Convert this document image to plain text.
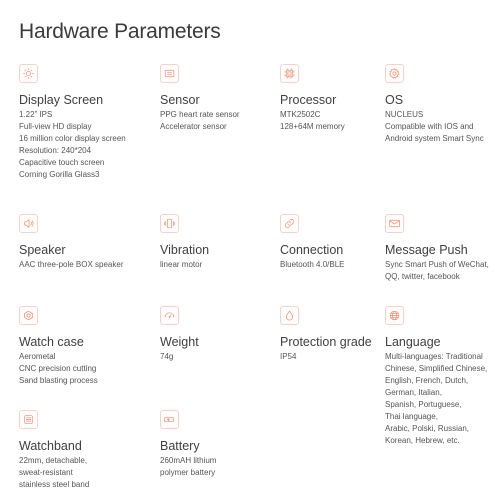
Hardware Parameters
Display Screen
1.22” IPS
Full-view HD display
16 million color display screen
Resolution: 240*204
Capacitive touch screen
Corning Gorilla Glass3
Sensor
PPG heart rate sensor
Accelerator sensor
Processor
MTK2502C
128+64M memory
OS
NUCLEUS
Compatible with IOS and
Android system Smart Sync
Speaker
AAC three-pole BOX speaker
Vibration
linear motor
Connection
Bluetooth 4.0/BLE
Message Push
Sync Smart Push of WeChat,
QQ, twitter, facebook
Watch case
Aerometal
CNC precision cutting
Sand blasting process
Weight
74g
Protection grade
IP54
Language
Multi-languages: Traditional
Chinese, Simplified Chinese,
English, French, Dutch,
German, Italian,
Spanish, Portuguese,
Thai language,
Arabic, Polski, Russian,
Korean, Hebrew, etc.
Watchband
22mm, detachable,
sweat-resistant
stainless steel band
Battery
260mAH lithium
polymer battery
